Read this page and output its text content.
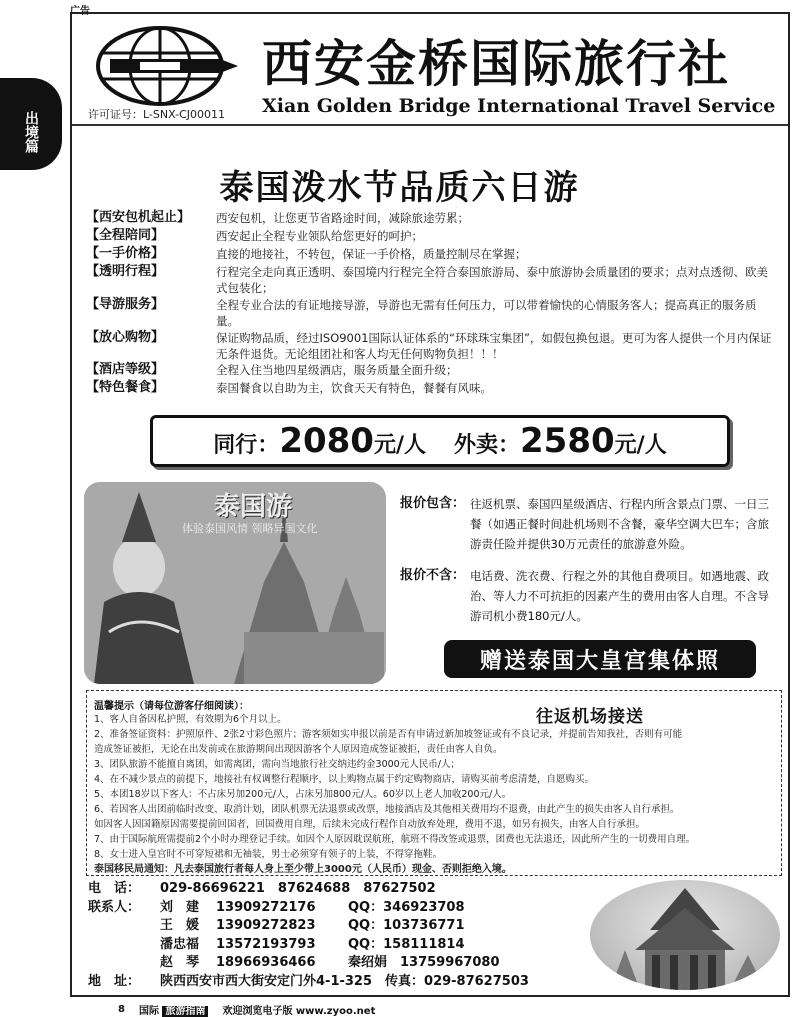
广告
出境篇
西安金桥国际旅行社
Xian Golden Bridge International Travel Service
许可证号：L-SNX-CJ00011
泰国泼水节品质六日游
【西安包机起止】	西安包机，让您更节省路途时间，减除旅途劳累；
【全程陪同】	西安起止全程专业领队给您更好的呵护；
【一手价格】	直接的地接社，不转包，保证一手价格，质量控制尽在掌握；
【透明行程】	行程完全走向真正透明、泰国境内行程完全符合泰国旅游局、泰中旅游协会质量团的要求；点对点透彻、欧美式包装化；
【导游服务】	全程专业合法的有证地接导游，导游也无需有任何压力，可以带着愉快的心情服务客人；提高真正的服务质量。
【放心购物】	保证购物品质，经过ISO9001国际认证体系的“环球珠宝集团”，如假包换包退。更可为客人提供一个月内保证无条件退货。无论组团社和客人均无任何购物负担！！！
【酒店等级】	全程入住当地四星级酒店，服务质量全面升级；
【特色餐食】	泰国餐食以自助为主，饮食天天有特色，餐餐有风味。
同行：2080元/人 外卖：2580元/人
泰国游
体验泰国风情 领略异国文化
报价包含： 往返机票、泰国四星级酒店、行程内所含景点门票、一日三餐（如遇正餐时间赴机场则不含餐，豪华空调大巴车；含旅游责任险并提供30万元责任的旅游意外险。
报价不含： 电话费、洗衣费、行程之外的其他自费项目。如遇地震、政治、等人力不可抗拒的因素产生的费用由客人自理。不含导游司机小费180元/人。
赠送泰国大皇宫集体照
温馨提示（请每位游客仔细阅读）：
往返机场接送
1、客人自备因私护照，有效期为6个月以上。
2、准备签证资料：护照原件、2张2寸彩色照片；游客须如实申报以前是否有申请过新加坡签证或有不良记录，并提前告知我社，否则有可能
造成签证被拒，无论在出发前或在旅游期间出现因游客个人原因造成签证被拒，责任由客人自负。
3、团队旅游不能擅自离团，如需离团，需向当地旅行社交纳违约金3000元人民币/人；
4、在不减少景点的前提下，地接社有权调整行程顺序，以上购物点属于约定购物商店，请购买前考虑清楚，自愿购买。
5、本团18岁以下客人：不占床另加200元/人，占床另加800元/人。60岁以上老人加收200元/人。
6、若因客人出团前临时改变、取消计划，团队机票无法退票或改票，地接酒店及其他相关费用均不退费，由此产生的损失由客人自行承担。
如因客人因国籍原因需要提前回国者，回国费用自理，后续未完成行程作自动放弃处理，费用不退，如另有损失，由客人自行承担。
7、由于国际航班需提前2个小时办理登记手续。如因个人原因耽误航班，航班不得改签或退票，团费也无法退还，因此所产生的一切费用自理。
8、女士进入皇宫时不可穿短裙和无袖装，男士必须穿有领子的上装，不得穿拖鞋。
泰国移民局通知：凡去泰国旅行者每人身上至少带上3000元（人民币）现金、否则拒绝入境。
电　话：	029-86696221　87624688　87627502
联系人：	刘　建	13909272176	QQ：346923708
王　媛	13909272823	QQ：103736771
潘忠福	13572193793	QQ：158111814
赵　琴	18966936466	秦绍娟　13759967080
地　址：	陕西西安市西大街安定门外4-1-325　传真：029-87627503
8 国际 旅游指南	欢迎浏览电子版 www.zyoo.net
